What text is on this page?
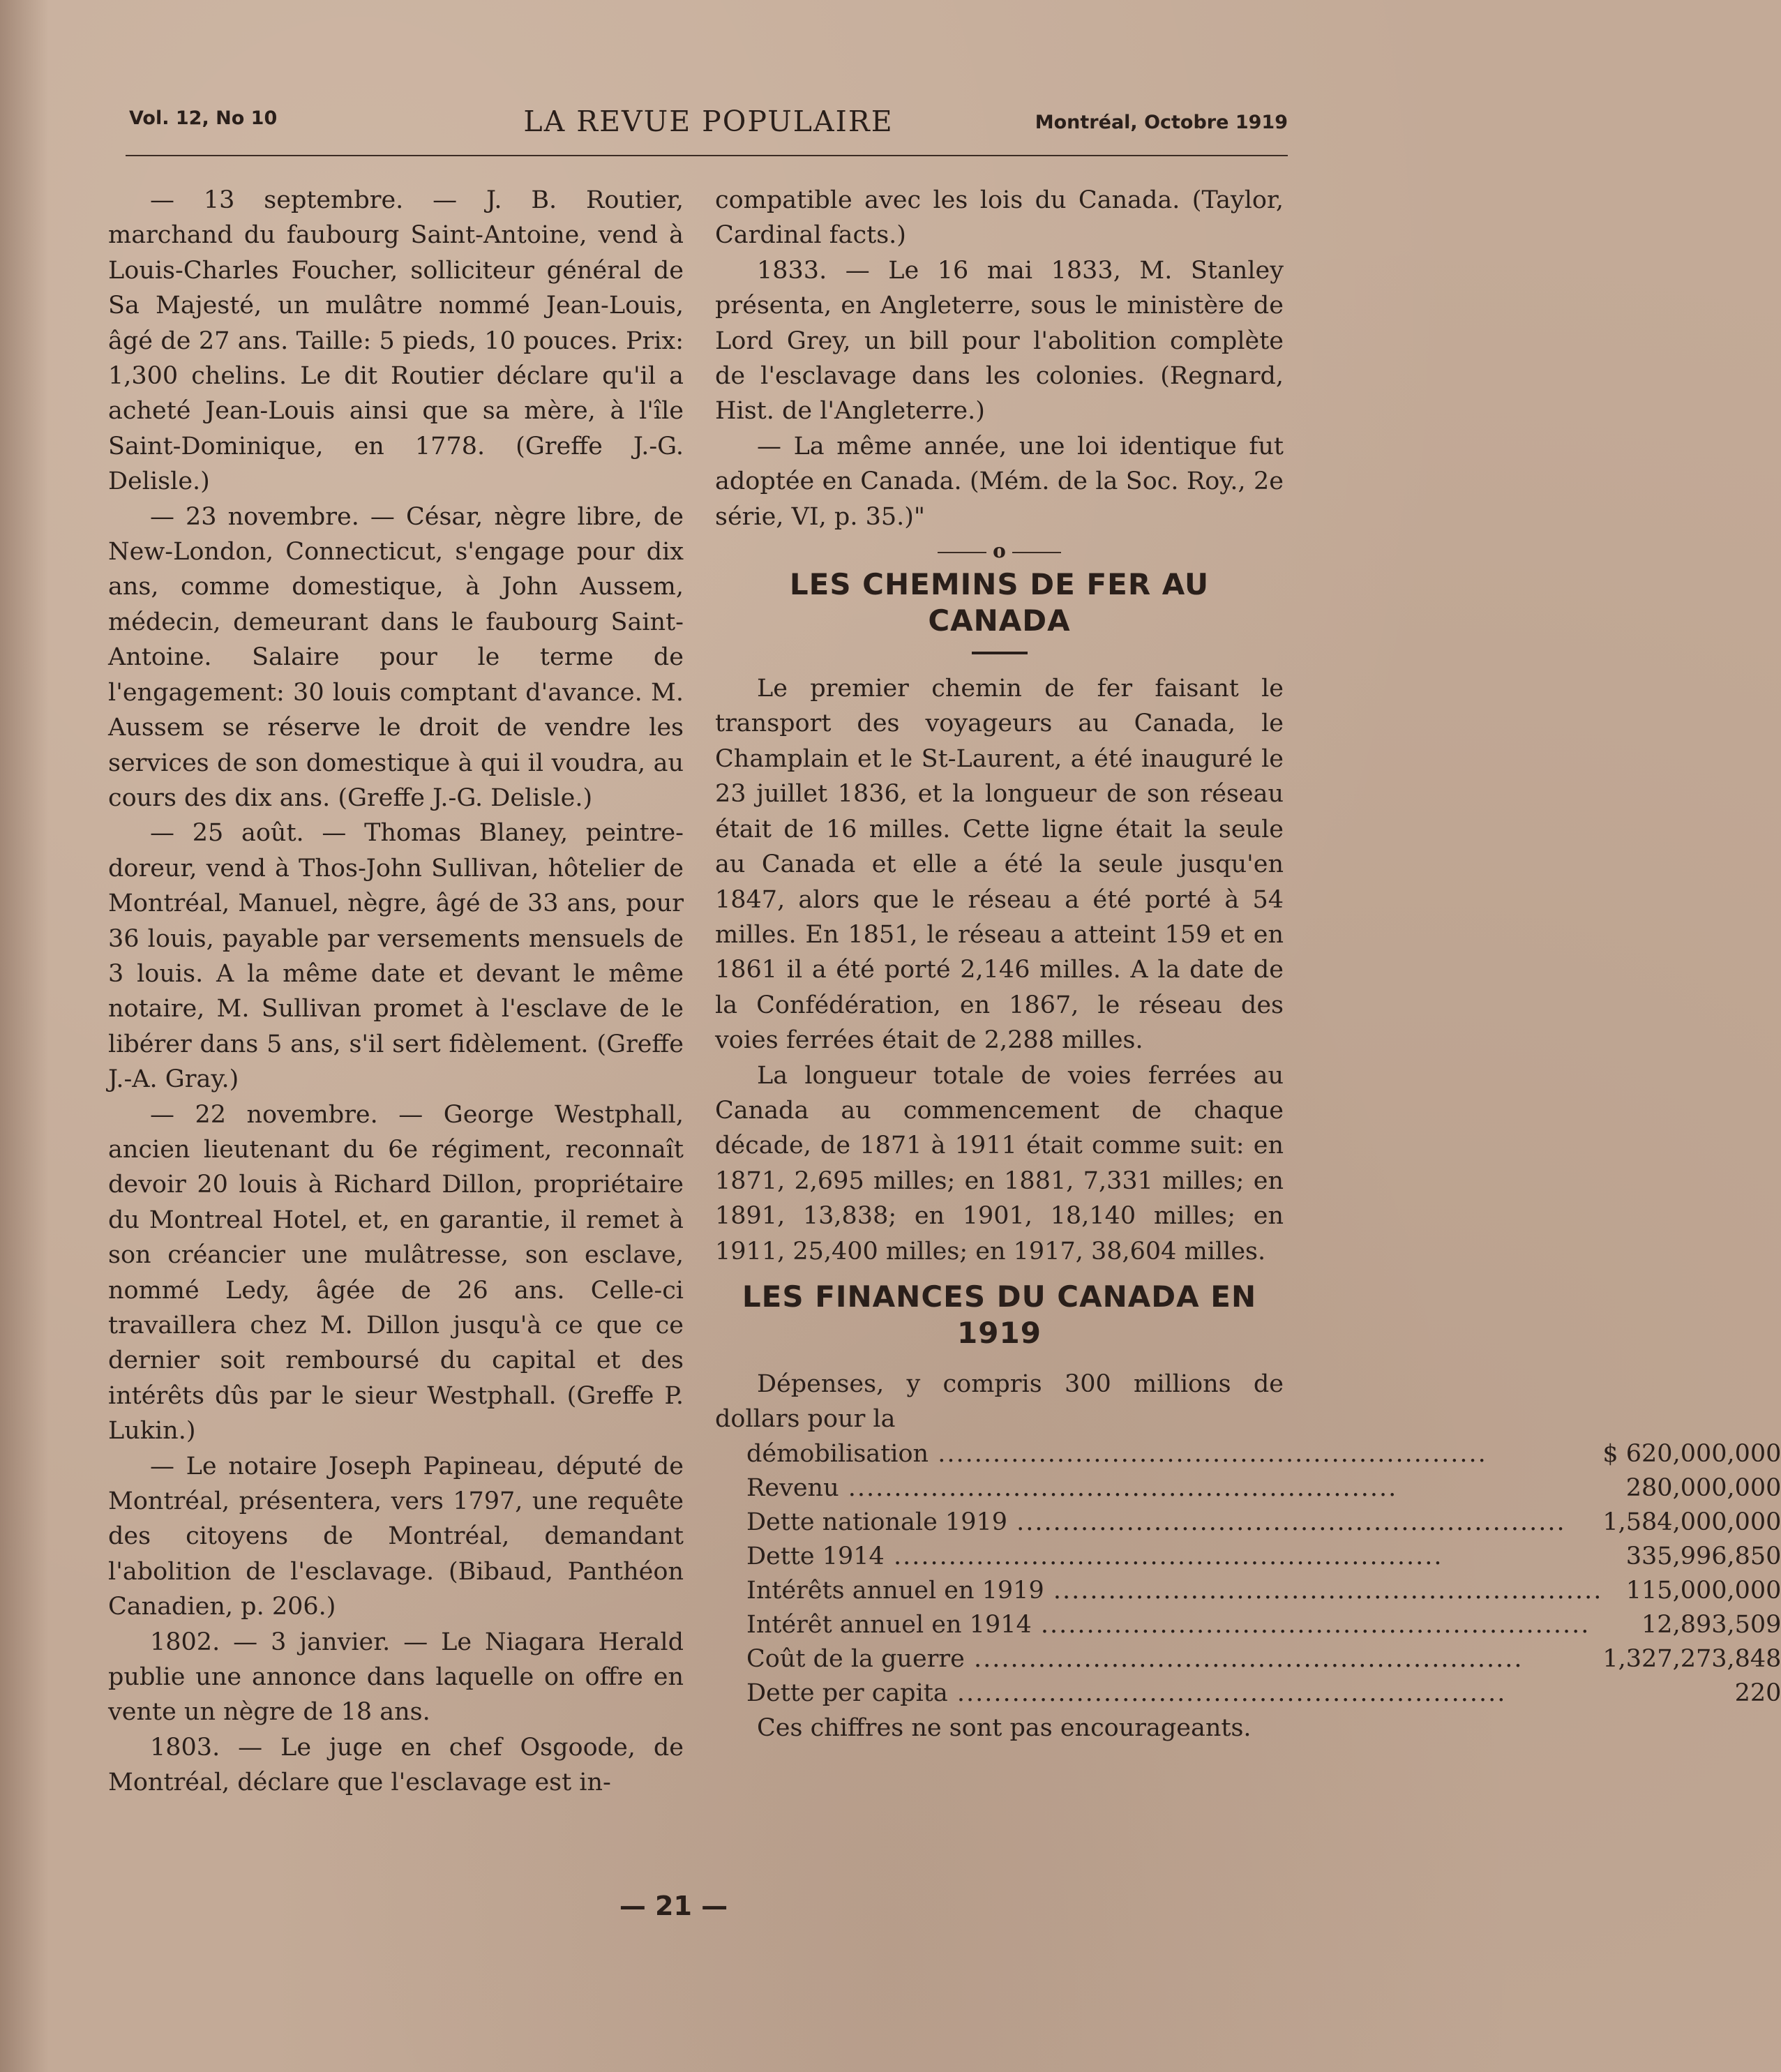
Vol. 12, No 10	LA REVUE POPULAIRE	Montréal, Octobre 1919

— 13 septembre. — J. B. Routier, marchand du faubourg Saint-Antoine, vend à Louis-Charles Foucher, solliciteur général de Sa Majesté, un mulâtre nommé Jean-Louis, âgé de 27 ans. Taille: 5 pieds, 10 pouces. Prix: 1,300 chelins. Le dit Routier déclare qu'il a acheté Jean-Louis ainsi que sa mère, à l'île Saint-Dominique, en 1778. (Greffe J.-G. Delisle.)

— 23 novembre. — César, nègre libre, de New-London, Connecticut, s'engage pour dix ans, comme domestique, à John Aussem, médecin, demeurant dans le faubourg Saint-Antoine. Salaire pour le terme de l'engagement: 30 louis comptant d'avance. M. Aussem se réserve le droit de vendre les services de son domestique à qui il voudra, au cours des dix ans. (Greffe J.-G. Delisle.)

— 25 août. — Thomas Blaney, peintre-doreur, vend à Thos-John Sullivan, hôtelier de Montréal, Manuel, nègre, âgé de 33 ans, pour 36 louis, payable par versements mensuels de 3 louis. A la même date et devant le même notaire, M. Sullivan promet à l'esclave de le libérer dans 5 ans, s'il sert fidèlement. (Greffe J.-A. Gray.)

— 22 novembre. — George Westphall, ancien lieutenant du 6e régiment, reconnaît devoir 20 louis à Richard Dillon, propriétaire du Montreal Hotel, et, en garantie, il remet à son créancier une mulâtresse, son esclave, nommé Ledy, âgée de 26 ans. Celle-ci travaillera chez M. Dillon jusqu'à ce que ce dernier soit remboursé du capital et des intérêts dûs par le sieur Westphall. (Greffe P. Lukin.)

— Le notaire Joseph Papineau, député de Montréal, présentera, vers 1797, une requête des citoyens de Montréal, demandant l'abolition de l'esclavage. (Bibaud, Panthéon Canadien, p. 206.)

1802. — 3 janvier. — Le Niagara Herald publie une annonce dans laquelle on offre en vente un nègre de 18 ans.

1803. — Le juge en chef Osgoode, de Montréal, déclare que l'esclavage est in-

compatible avec les lois du Canada. (Taylor, Cardinal facts.)

1833. — Le 16 mai 1833, M. Stanley présenta, en Angleterre, sous le ministère de Lord Grey, un bill pour l'abolition complète de l'esclavage dans les colonies. (Regnard, Hist. de l'Angleterre.)

— La même année, une loi identique fut adoptée en Canada. (Mém. de la Soc. Roy., 2e série, VI, p. 35.)"

o
LES CHEMINS DE FER AU CANADA

Le premier chemin de fer faisant le transport des voyageurs au Canada, le Champlain et le St-Laurent, a été inauguré le 23 juillet 1836, et la longueur de son réseau était de 16 milles. Cette ligne était la seule au Canada et elle a été la seule jusqu'en 1847, alors que le réseau a été porté à 54 milles. En 1851, le réseau a atteint 159 et en 1861 il a été porté 2,146 milles. A la date de la Confédération, en 1867, le réseau des voies ferrées était de 2,288 milles.

La longueur totale de voies ferrées au Canada au commencement de chaque décade, de 1871 à 1911 était comme suit: en 1871, 2,695 milles; en 1881, 7,331 milles; en 1891, 13,838; en 1901, 18,140 milles; en 1911, 25,400 milles; en 1917, 38,604 milles.

LES FINANCES DU CANADA EN 1919

Dépenses, y compris 300 millions de dollars pour la

démobilisation ............................................................	$ 620,000,000
Revenu ............................................................	280,000,000
Dette nationale 1919 ............................................................	1,584,000,000
Dette 1914 ............................................................	335,996,850
Intérêts annuel en 1919 ............................................................	115,000,000
Intérêt annuel en 1914 ............................................................	12,893,509
Coût de la guerre ............................................................	1,327,273,848
Dette per capita ............................................................	220

Ces chiffres ne sont pas encourageants.

— 21 —
